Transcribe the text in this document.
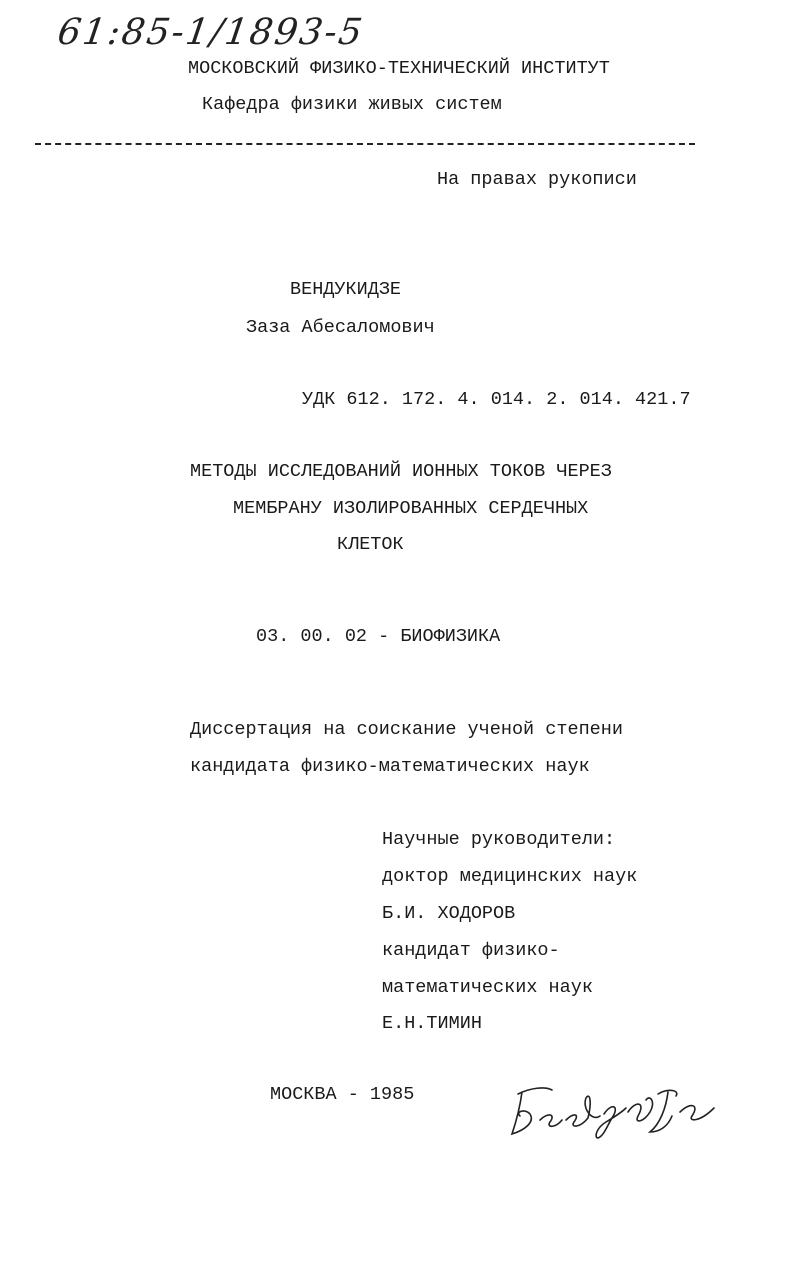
61:85-1/1893-5
МОСКОВСКИЙ ФИЗИКО-ТЕХНИЧЕСКИЙ ИНСТИТУТ
Кафедра физики живых систем
На правах рукописи
ВЕНДУКИДЗЕ
Заза Абесаломович
УДК 612. 172. 4. 014. 2. 014. 421.7
МЕТОДЫ ИССЛЕДОВАНИЙ ИОННЫХ ТОКОВ ЧЕРЕЗ
МЕМБРАНУ ИЗОЛИРОВАННЫХ СЕРДЕЧНЫХ
КЛЕТОК
03. 00. 02 - БИОФИЗИКА
Диссертация на соискание ученой степени
кандидата физико-математических наук
Научные руководители:
доктор медицинских наук
Б.И. ХОДОРОВ
кандидат физико-
математических наук
Е.Н.ТИМИН
МОСКВА - 1985
